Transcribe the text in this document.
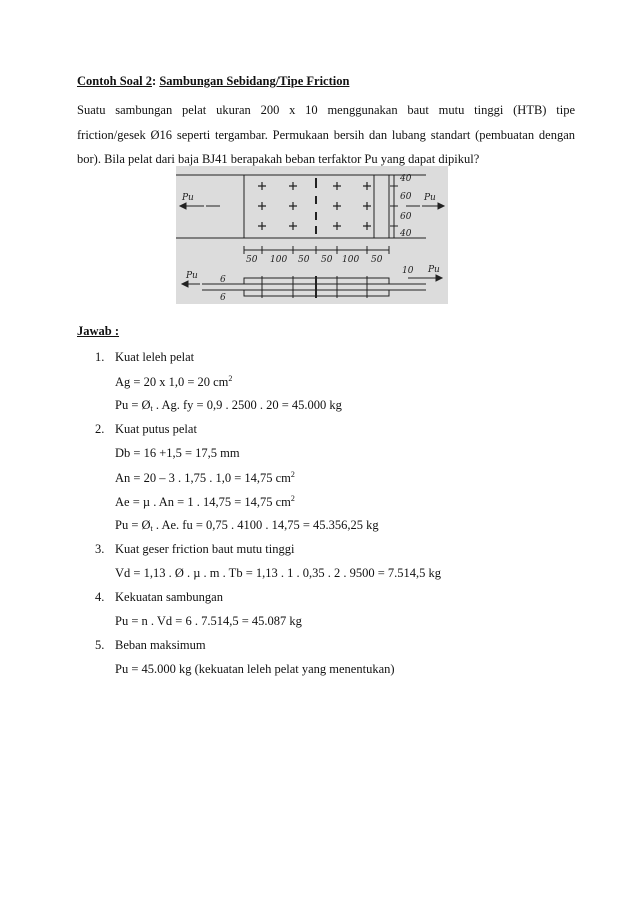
Contoh Soal 2: Sambungan Sebidang/Tipe Friction
Suatu sambungan pelat ukuran 200 x 10 menggunakan baut mutu tinggi (HTB) tipe
friction/gesek Ø16 seperti tergambar. Permukaan bersih dan lubang standart (pembuatan dengan
bor). Bila pelat dari baja BJ41 berapakah beban terfaktor Pu yang dapat dipikul?
Pu	Pu
Pu
Pu
40
60
60
40
50 100 50 50 100 50
6
6
10
Jawab :
1. Kuat leleh pelat
Ag = 20 x 1,0 = 20 $cm^2$
$Pu = Ø_t$ . Ag. fy = 0,9 . 2500 . 20 = 45.000 kg
2. Kuat putus pelat
Db = 16 +1,5 = 17,5 mm
An = 20 – 3 . 1,75 . 1,0 = 14,75 $cm^2$
Ae = µ . An = 1 . 14,75 = 14,75 $cm^2$
$Pu = Ø_t$ . Ae. fu = 0,75 . 4100 . 14,75 = 45.356,25 kg
3. Kuat geser friction baut mutu tinggi
Vd = 1,13 . Ø . µ . m . Tb = 1,13 . 1 . 0,35 . 2 . 9500 = 7.514,5 kg
4. Kekuatan sambungan
Pu = n . Vd = 6 . 7.514,5 = 45.087 kg
5. Beban maksimum
Pu = 45.000 kg (kekuatan leleh pelat yang menentukan)
